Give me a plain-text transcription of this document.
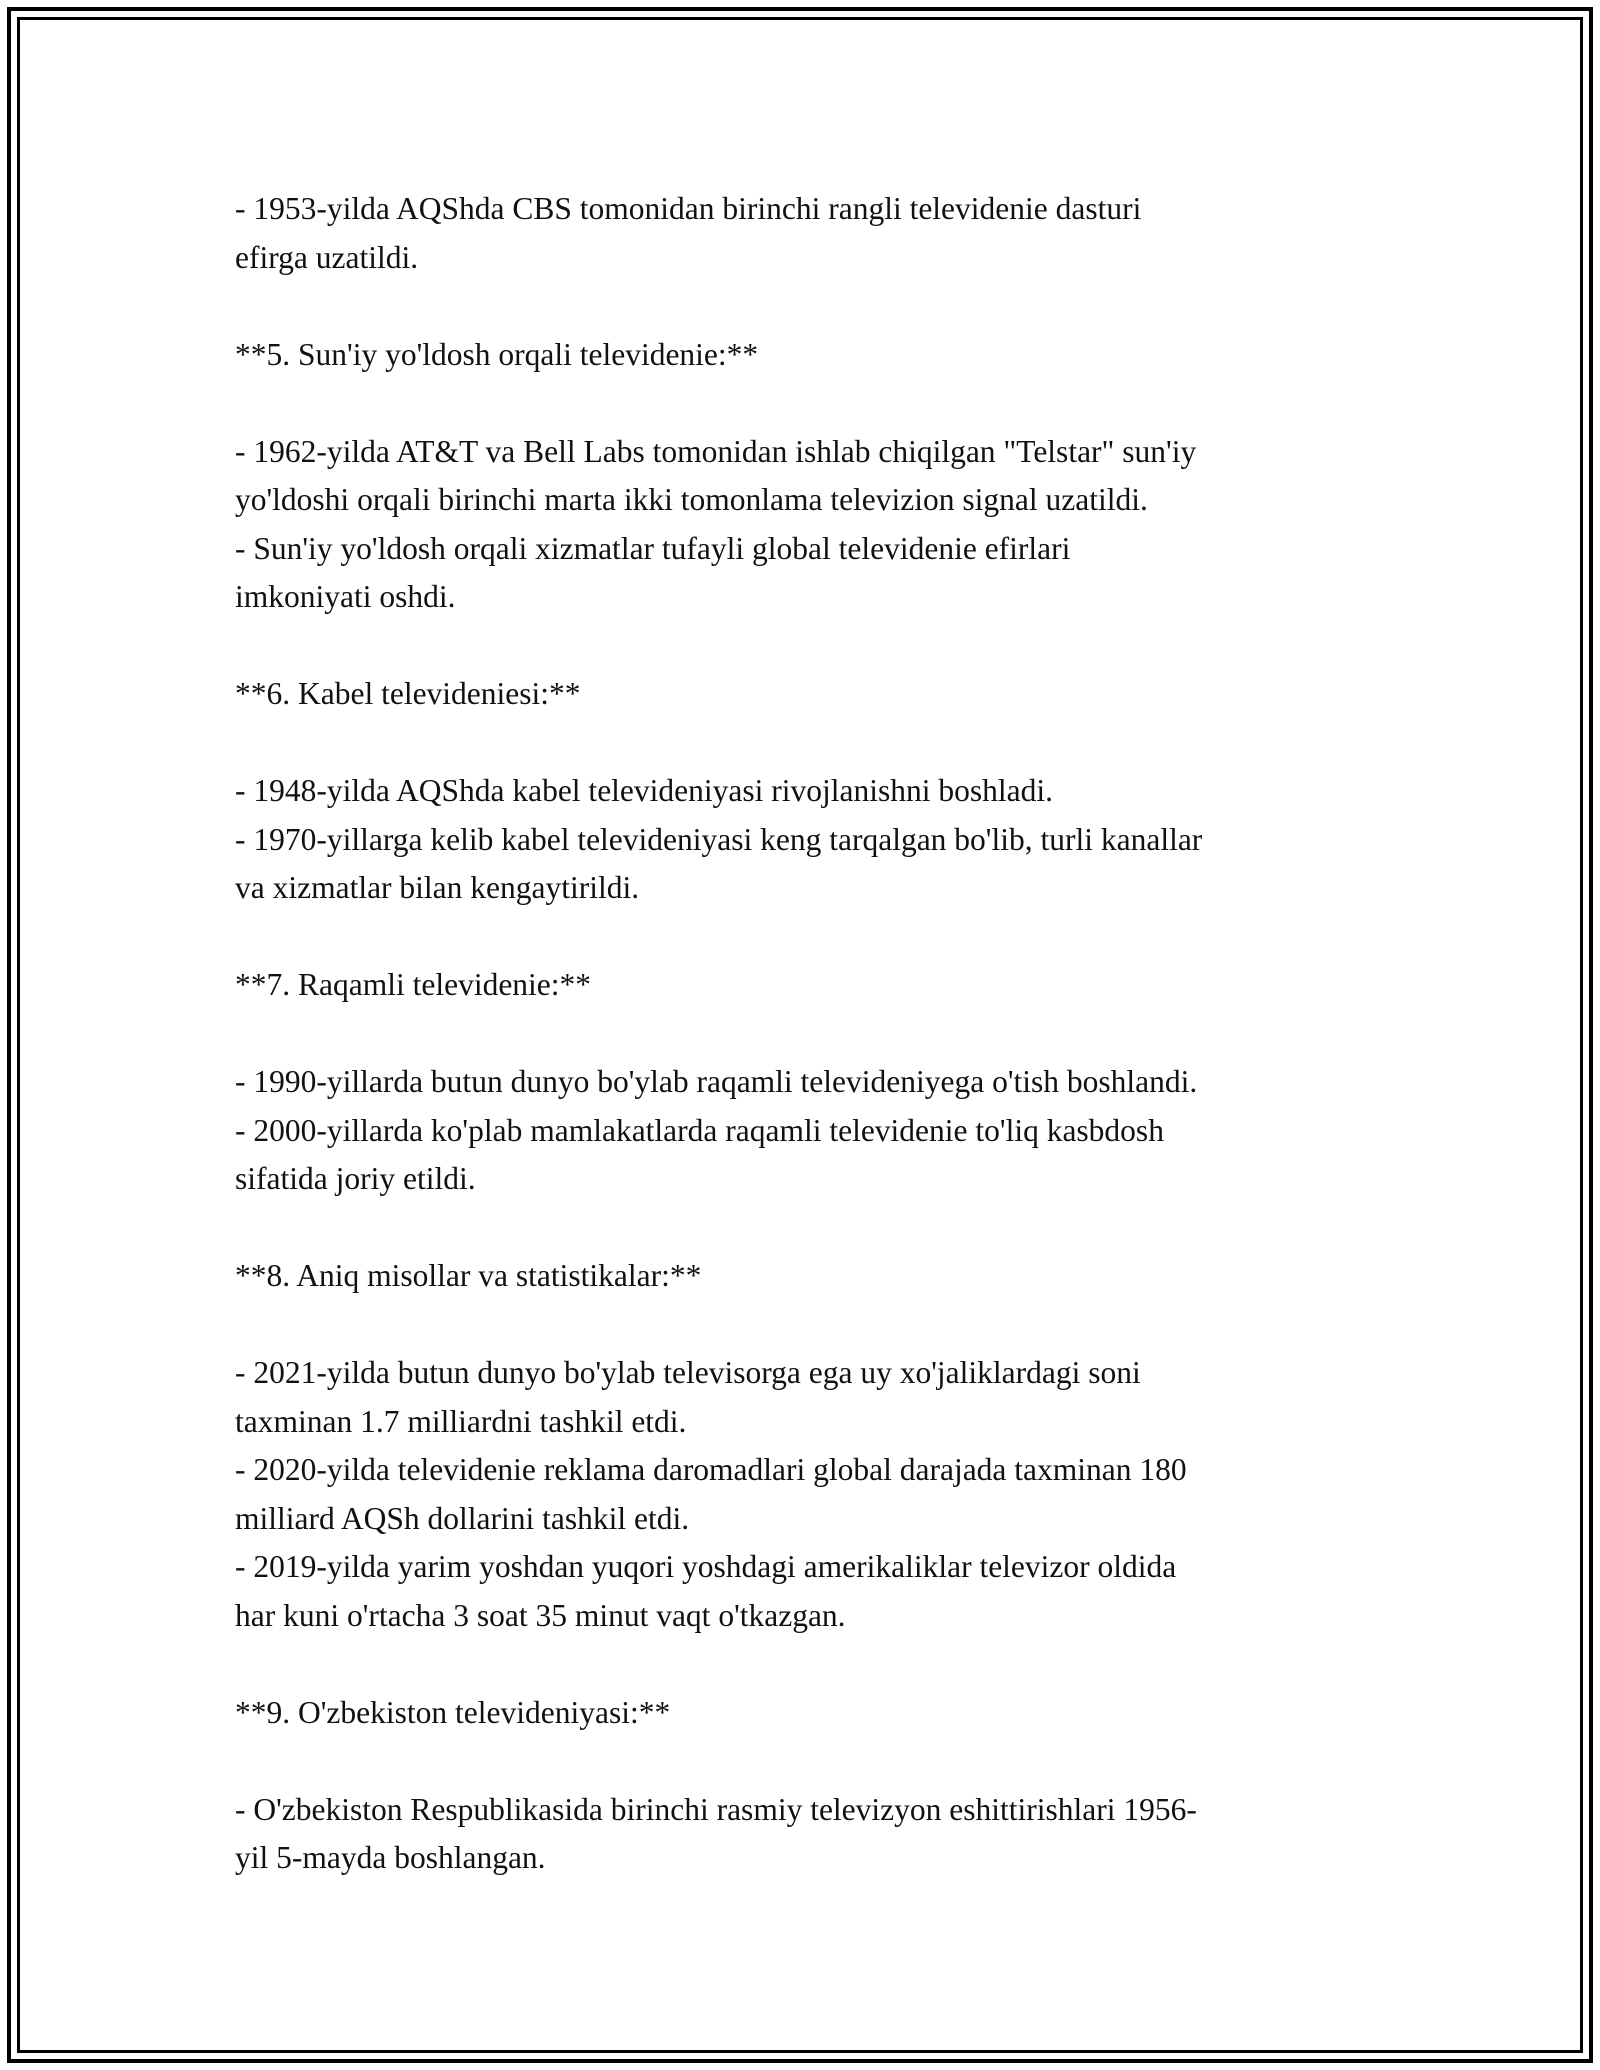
- 1953-yilda AQShda CBS tomonidan birinchi rangli televidenie dasturi
efirga uzatildi.
**5. Sun'iy yo'ldosh orqali televidenie:**
- 1962-yilda AT&T va Bell Labs tomonidan ishlab chiqilgan "Telstar" sun'iy
yo'ldoshi orqali birinchi marta ikki tomonlama televizion signal uzatildi.
- Sun'iy yo'ldosh orqali xizmatlar tufayli global televidenie efirlari
imkoniyati oshdi.
**6. Kabel televideniesi:**
- 1948-yilda AQShda kabel televideniyasi rivojlanishni boshladi.
- 1970-yillarga kelib kabel televideniyasi keng tarqalgan bo'lib, turli kanallar
va xizmatlar bilan kengaytirildi.
**7. Raqamli televidenie:**
- 1990-yillarda butun dunyo bo'ylab raqamli televideniyega o'tish boshlandi.
- 2000-yillarda ko'plab mamlakatlarda raqamli televidenie to'liq kasbdosh
sifatida joriy etildi.
**8. Aniq misollar va statistikalar:**
- 2021-yilda butun dunyo bo'ylab televisorga ega uy xo'jaliklardagi soni
taxminan 1.7 milliardni tashkil etdi.
- 2020-yilda televidenie reklama daromadlari global darajada taxminan 180
milliard AQSh dollarini tashkil etdi.
- 2019-yilda yarim yoshdan yuqori yoshdagi amerikaliklar televizor oldida
har kuni o'rtacha 3 soat 35 minut vaqt o'tkazgan.
**9. O'zbekiston televideniyasi:**
- O'zbekiston Respublikasida birinchi rasmiy televizyon eshittirishlari 1956-
yil 5-mayda boshlangan.
